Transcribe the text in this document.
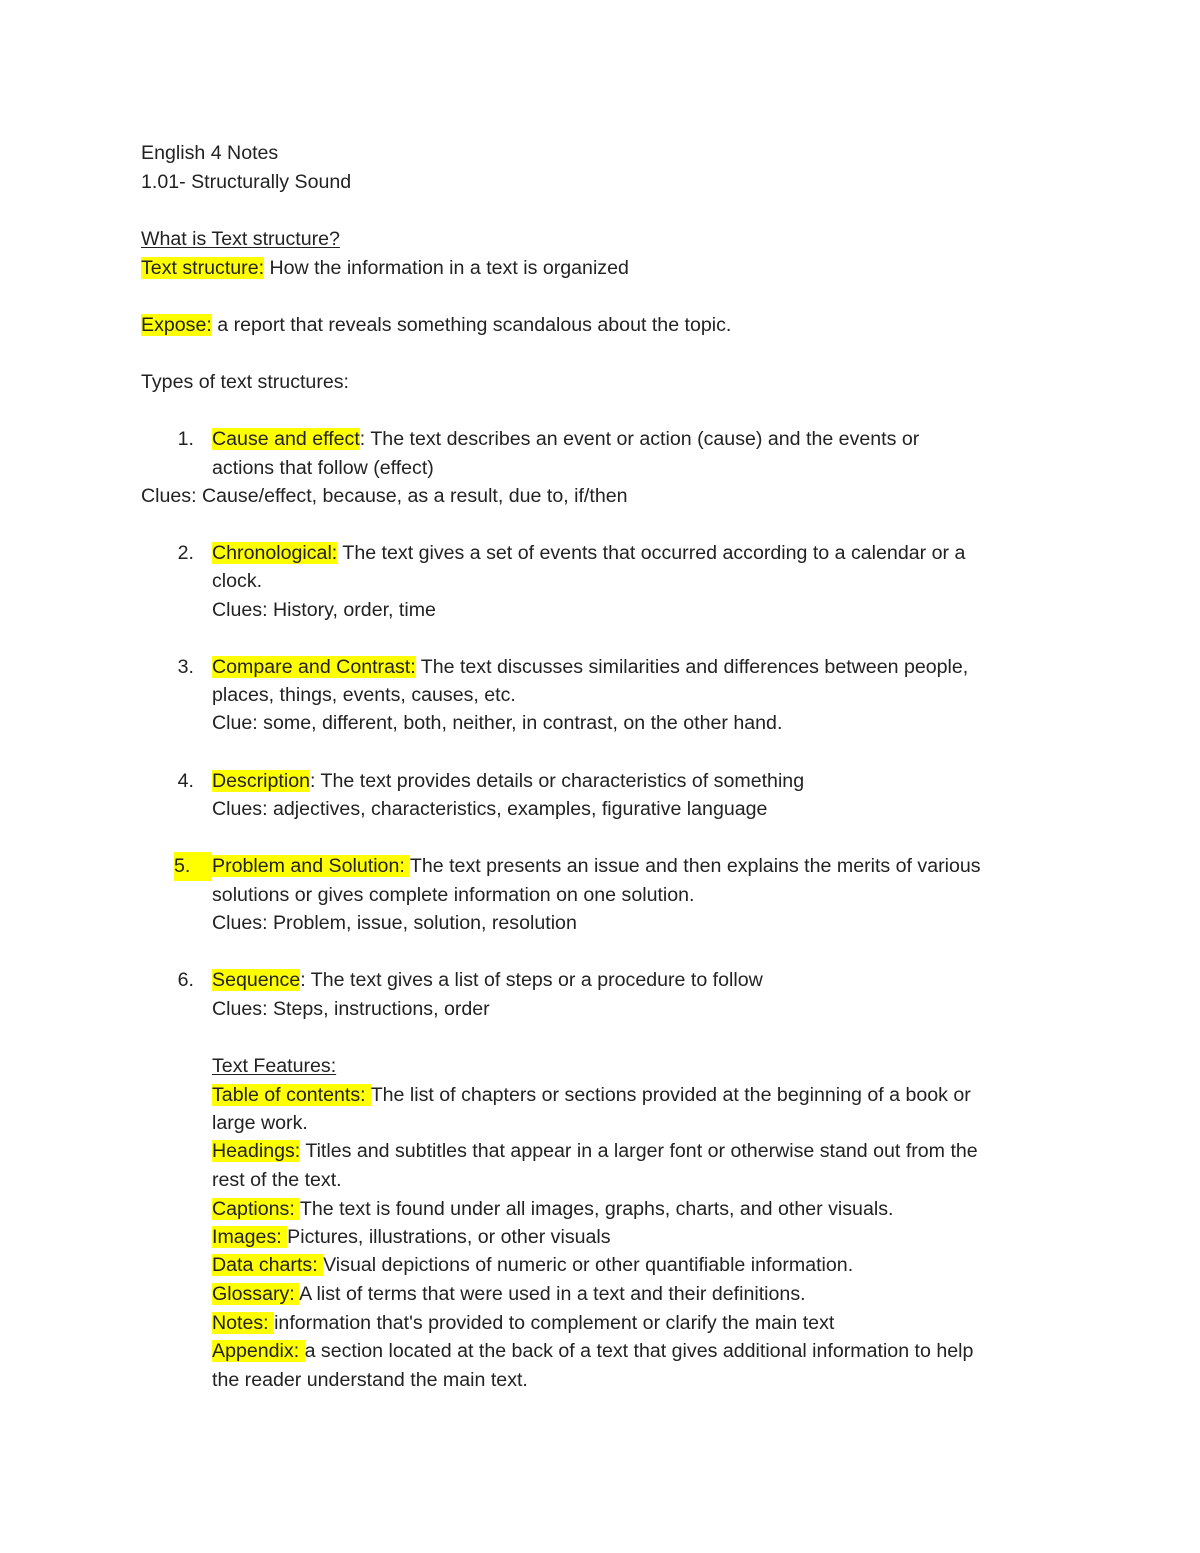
English 4 Notes
1.01- Structurally Sound
What is Text structure?
Text structure: How the information in a text is organized
Expose: a report that reveals something scandalous about the topic.
Types of text structures:
1. Cause and effect: The text describes an event or action (cause) and the events or
actions that follow (effect)
Clues: Cause/effect, because, as a result, due to, if/then
2. Chronological: The text gives a set of events that occurred according to a calendar or a
clock.
Clues: History, order, time
3. Compare and Contrast: The text discusses similarities and differences between people,
places, things, events, causes, etc.
Clue: some, different, both, neither, in contrast, on the other hand.
4. Description: The text provides details or characteristics of something
Clues: adjectives, characteristics, examples, figurative language
5.	Problem and Solution: The text presents an issue and then explains the merits of various
solutions or gives complete information on one solution.
Clues: Problem, issue, solution, resolution
6. Sequence: The text gives a list of steps or a procedure to follow
Clues: Steps, instructions, order
Text Features:
Table of contents: The list of chapters or sections provided at the beginning of a book or
large work.
Headings: Titles and subtitles that appear in a larger font or otherwise stand out from the
rest of the text.
Captions: The text is found under all images, graphs, charts, and other visuals.
Images: Pictures, illustrations, or other visuals
Data charts: Visual depictions of numeric or other quantifiable information.
Glossary: A list of terms that were used in a text and their definitions.
Notes: information that's provided to complement or clarify the main text
Appendix: a section located at the back of a text that gives additional information to help
the reader understand the main text.
